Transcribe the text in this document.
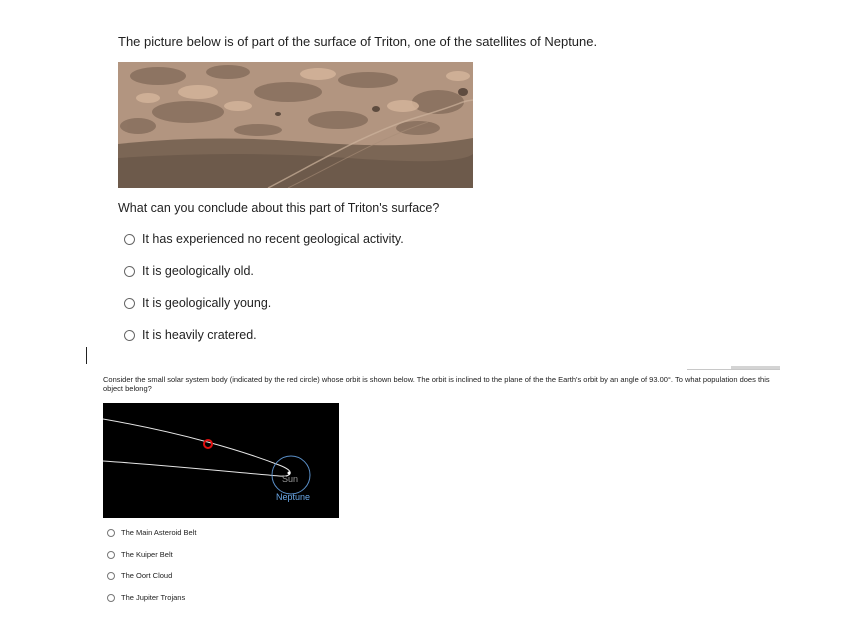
The picture below is of part of the surface of Triton, one of the satellites of Neptune.
What can you conclude about this part of Triton's surface?
It has experienced no recent geological activity.
It is geologically old.
It is geologically young.
It is heavily cratered.
Consider the small solar system body (indicated by the red circle) whose orbit is shown below. The orbit is inclined to the plane of the the Earth's orbit by an angle of 93.00°. To what population does this object belong?
Sun
Neptune
The Main Asteroid Belt
The Kuiper Belt
The Oort Cloud
The Jupiter Trojans
